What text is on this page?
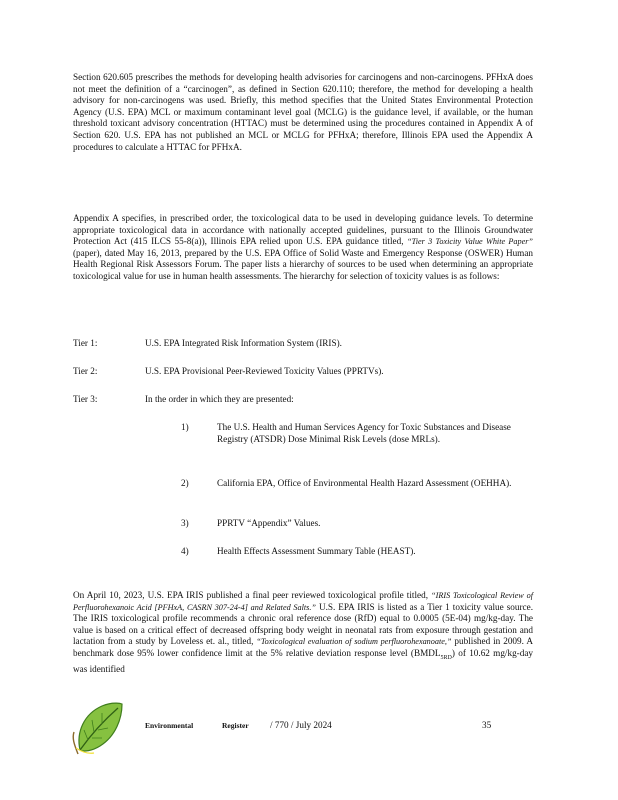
Section 620.605 prescribes the methods for developing health advisories for carcinogens and non-carcinogens. PFHxA does not meet the definition of a “carcinogen”, as defined in Section 620.110; therefore, the method for developing a health advisory for non-carcinogens was used. Briefly, this method specifies that the United States Environmental Protection Agency (U.S. EPA) MCL or maximum contaminant level goal (MCLG) is the guidance level, if available, or the human threshold toxicant advisory concentration (HTTAC) must be determined using the procedures contained in Appendix A of Section 620. U.S. EPA has not published an MCL or MCLG for PFHxA; therefore, Illinois EPA used the Appendix A procedures to calculate a HTTAC for PFHxA.

Appendix A specifies, in prescribed order, the toxicological data to be used in developing guidance levels. To determine appropriate toxicological data in accordance with nationally accepted guidelines, pursuant to the Illinois Groundwater Protection Act (415 ILCS 55-8(a)), Illinois EPA relied upon U.S. EPA guidance titled, “Tier 3 Toxicity Value White Paper” (paper), dated May 16, 2013, prepared by the U.S. EPA Office of Solid Waste and Emergency Response (OSWER) Human Health Regional Risk Assessors Forum. The paper lists a hierarchy of sources to be used when determining an appropriate toxicological value for use in human health assessments. The hierarchy for selection of toxicity values is as follows:

Tier 1:	U.S. EPA Integrated Risk Information System (IRIS).
Tier 2:	U.S. EPA Provisional Peer-Reviewed Toxicity Values (PPRTVs).
Tier 3:	In the order in which they are presented:
1)	The U.S. Health and Human Services Agency for Toxic Substances and Disease Registry (ATSDR) Dose Minimal Risk Levels (dose MRLs).
2)	California EPA, Office of Environmental Health Hazard Assessment (OEHHA).
3)	PPRTV “Appendix” Values.
4)	Health Effects Assessment Summary Table (HEAST).

On April 10, 2023, U.S. EPA IRIS published a final peer reviewed toxicological profile titled, “IRIS Toxicological Review of Perfluorohexanoic Acid [PFHxA, CASRN 307-24-4] and Related Salts.” U.S. EPA IRIS is listed as a Tier 1 toxicity value source. The IRIS toxicological profile recommends a chronic oral reference dose (RfD) equal to 0.0005 (5E-04) mg/kg-day. The value is based on a critical effect of decreased offspring body weight in neonatal rats from exposure through gestation and lactation from a study by Loveless et. al., titled, “Toxicological evaluation of sodium perfluorohexanoate,” published in 2009. A benchmark dose 95% lower confidence limit at the 5% relative deviation response level $(BMDL_{5RD})$ of 10.62 mg/kg-day was identified

Environmental	Register / 770 / July 2024	35
